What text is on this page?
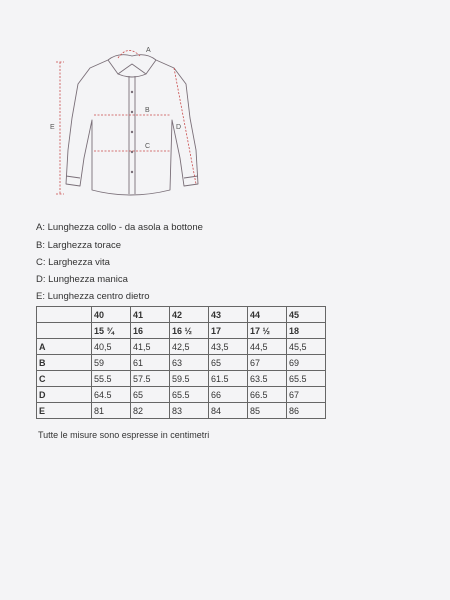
A
B
C
D
E
A: Lunghezza collo - da asola a bottone
B: Larghezza torace
C: Larghezza vita
D: Lunghezza manica
E: Lunghezza centro dietro
	40	41	42	43	44	45
	15 ¾	16	16 ½	17	17 ½	18
A	40,5	41,5	42,5	43,5	44,5	45,5
B	59	61	63	65	67	69
C	55.5	57.5	59.5	61.5	63.5	65.5
D	64.5	65	65.5	66	66.5	67
E	81	82	83	84	85	86
Tutte le misure sono espresse in centimetri
